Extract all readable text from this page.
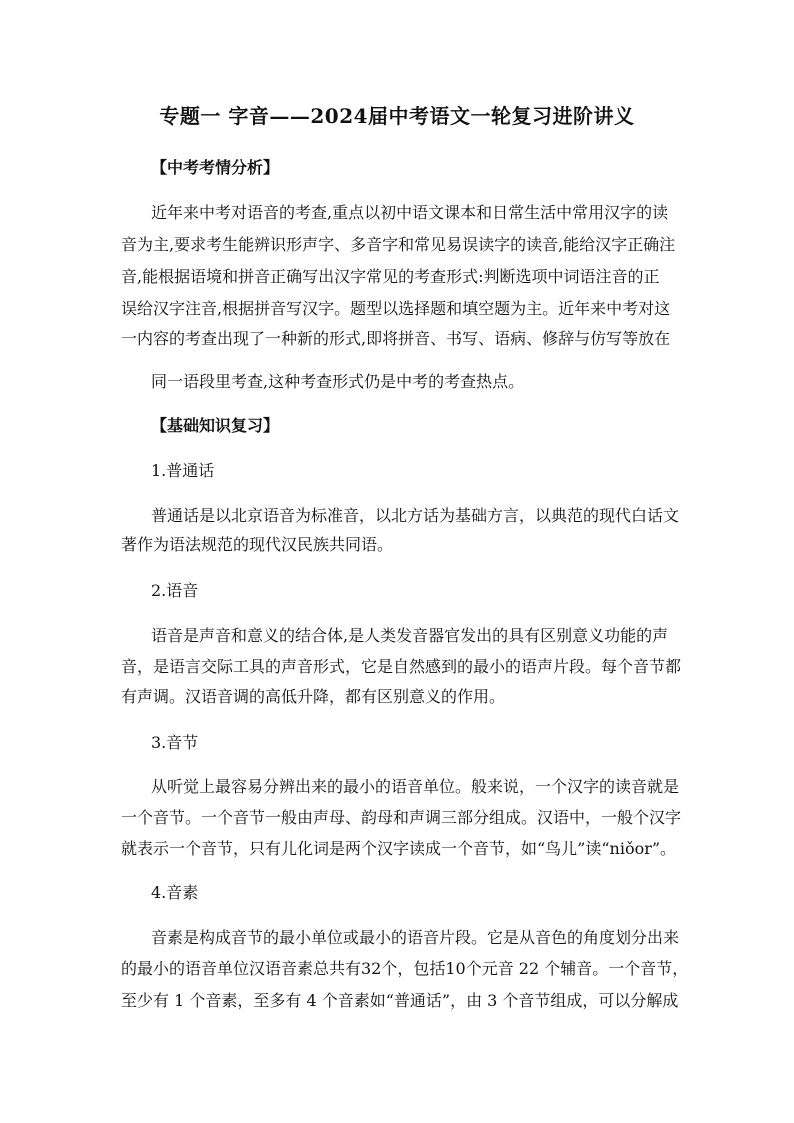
专题一 字音——2024届中考语文一轮复习进阶讲义

【中考考情分析】

近年来中考对语音的考查,重点以初中语文课本和日常生活中常用汉字的读

音为主,要求考生能辨识形声字、多音字和常见易误读字的读音,能给汉字正确注

音,能根据语境和拼音正确写出汉字常见的考查形式:判断选项中词语注音的正

误给汉字注音,根据拼音写汉字。题型以选择题和填空题为主。近年来中考对这

一内容的考查出现了一种新的形式,即将拼音、书写、语病、修辞与仿写等放在

同一语段里考查,这种考查形式仍是中考的考查热点。

【基础知识复习】

1.普通话

普通话是以北京语音为标准音，以北方话为基础方言，以典范的现代白话文

著作为语法规范的现代汉民族共同语。

2.语音

语音是声音和意义的结合体,是人类发音器官发出的具有区别意义功能的声

音，是语言交际工具的声音形式，它是自然感到的最小的语声片段。每个音节都

有声调。汉语音调的高低升降，都有区别意义的作用。

3.音节

从听觉上最容易分辨出来的最小的语音单位。般来说，一个汉字的读音就是

一个音节。一个音节一般由声母、韵母和声调三部分组成。汉语中，一般个汉字

就表示一个音节，只有儿化词是两个汉字读成一个音节，如“鸟儿”读“niǒor”。

4.音素

音素是构成音节的最小单位或最小的语音片段。它是从音色的角度划分出来

的最小的语音单位汉语音素总共有32个，包括10个元音 22 个辅音。一个音节，

至少有 1 个音素，至多有 4 个音素如“普通话”，由 3 个音节组成，可以分解成
